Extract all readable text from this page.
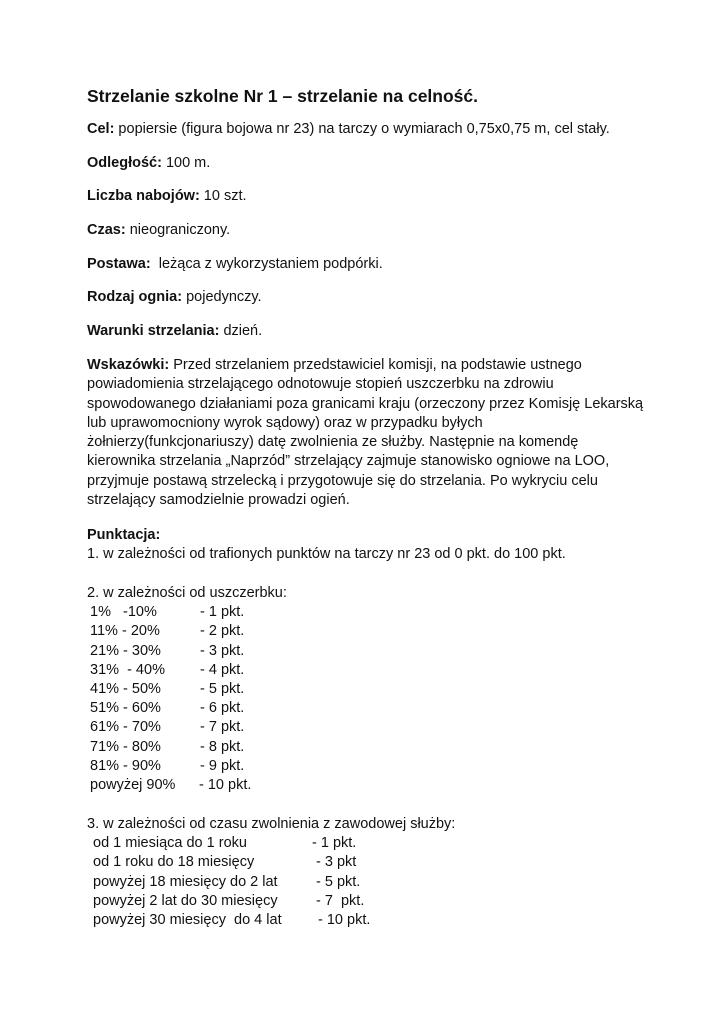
Strzelanie szkolne Nr 1 – strzelanie na celność.

Cel: popiersie (figura bojowa nr 23) na tarczy o wymiarach 0,75x0,75 m, cel stały.

Odległość: 100 m.

Liczba nabojów: 10 szt.

Czas: nieograniczony.

Postawa:  leżąca z wykorzystaniem podpórki.

Rodzaj ognia: pojedynczy.

Warunki strzelania: dzień.

Wskazówki: Przed strzelaniem przedstawiciel komisji, na podstawie ustnego powiadomienia strzelającego odnotowuje stopień uszczerbku na zdrowiu spowodowanego działaniami poza granicami kraju (orzeczony przez Komisję Lekarską lub uprawomocniony wyrok sądowy) oraz w przypadku byłych żołnierzy(funkcjonariuszy) datę zwolnienia ze służby. Następnie na komendę kierownika strzelania „Naprzód” strzelający zajmuje stanowisko ogniowe na LOO, przyjmuje postawą strzelecką i przygotowuje się do strzelania. Po wykryciu celu strzelający samodzielnie prowadzi ogień.

Punktacja:

1. w zależności od trafionych punktów na tarczy nr 23 od 0 pkt. do 100 pkt.

2. w zależności od uszczerbku:

1%   -10%	- 1 pkt.

11% - 20%	- 2 pkt.

21% - 30%	- 3 pkt.

31%  - 40% - 4 pkt.

41% - 50%	- 5 pkt.

51% - 60%	- 6 pkt.

61% - 70%	- 7 pkt.

71% - 80%	- 8 pkt.

81% - 90%	- 9 pkt.

powyżej 90% - 10 pkt.

3. w zależności od czasu zwolnienia z zawodowej służby:

od 1 miesiąca do 1 roku	- 1 pkt.

od 1 roku do 18 miesięcy	- 3 pkt

powyżej 18 miesięcy do 2 lat	- 5 pkt.

powyżej 2 lat do 30 miesięcy	- 7  pkt.

powyżej 30 miesięcy  do 4 lat	- 10 pkt.
